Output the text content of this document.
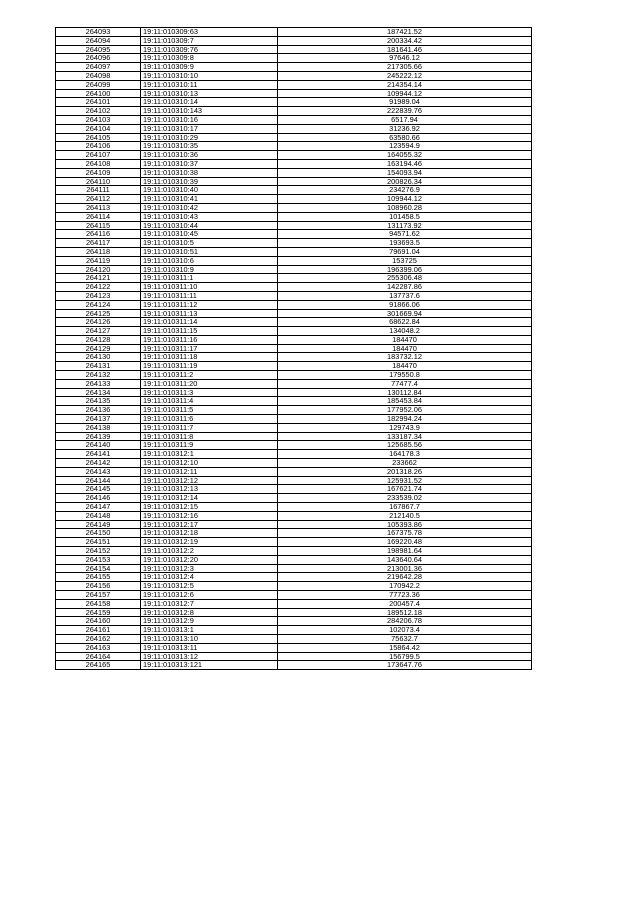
264093	19:11:010309:63	187421.52
264094	19:11:010309:7	200334.42
264095	19:11:010309:76	181641.46
264096	19:11:010309:8	97646.12
264097	19:11:010309:9	217305.66
264098	19:11:010310:10	245222.12
264099	19:11:010310:11	214354.14
264100	19:11:010310:13	109944.12
264101	19:11:010310:14	91989.04
264102	19:11:010310:143	222839.76
264103	19:11:010310:16	6517.94
264104	19:11:010310:17	31236.92
264105	19:11:010310:29	63580.66
264106	19:11:010310:35	123594.9
264107	19:11:010310:36	164055.32
264108	19:11:010310:37	163194.46
264109	19:11:010310:38	154093.94
264110	19:11:010310:39	200826.34
264111	19:11:010310:40	234276.9
264112	19:11:010310:41	109944.12
264113	19:11:010310:42	108960.28
264114	19:11:010310:43	101458.5
264115	19:11:010310:44	131173.92
264116	19:11:010310:45	94571.62
264117	19:11:010310:5	193693.5
264118	19:11:010310:51	79691.04
264119	19:11:010310:6	153725
264120	19:11:010310:9	196399.06
264121	19:11:010311:1	255306.48
264122	19:11:010311:10	142287.86
264123	19:11:010311:11	137737.6
264124	19:11:010311:12	91866.06
264125	19:11:010311:13	301669.94
264126	19:11:010311:14	68622.84
264127	19:11:010311:15	134048.2
264128	19:11:010311:16	184470
264129	19:11:010311:17	184470
264130	19:11:010311:18	183732.12
264131	19:11:010311:19	184470
264132	19:11:010311:2	179550.8
264133	19:11:010311:20	77477.4
264134	19:11:010311:3	130112.84
264135	19:11:010311:4	185453.84
264136	19:11:010311:5	177952.06
264137	19:11:010311:6	182994.24
264138	19:11:010311:7	129743.9
264139	19:11:010311:8	133187.34
264140	19:11:010311:9	125685.56
264141	19:11:010312:1	164178.3
264142	19:11:010312:10	233662
264143	19:11:010312:11	201318.26
264144	19:11:010312:12	125931.52
264145	19:11:010312:13	167621.74
264146	19:11:010312:14	233539.02
264147	19:11:010312:15	167867.7
264148	19:11:010312:16	212140.5
264149	19:11:010312:17	105393.86
264150	19:11:010312:18	167375.78
264151	19:11:010312:19	169220.48
264152	19:11:010312:2	198981.64
264153	19:11:010312:20	143640.64
264154	19:11:010312:3	213001.36
264155	19:11:010312:4	219642.28
264156	19:11:010312:5	170942.2
264157	19:11:010312:6	77723.36
264158	19:11:010312:7	200457.4
264159	19:11:010312:8	189512.18
264160	19:11:010312:9	284206.78
264161	19:11:010313:1	102073.4
264162	19:11:010313:10	75632.7
264163	19:11:010313:11	15864.42
264164	19:11:010313:12	156799.5
264165	19:11:010313:121	173647.76
